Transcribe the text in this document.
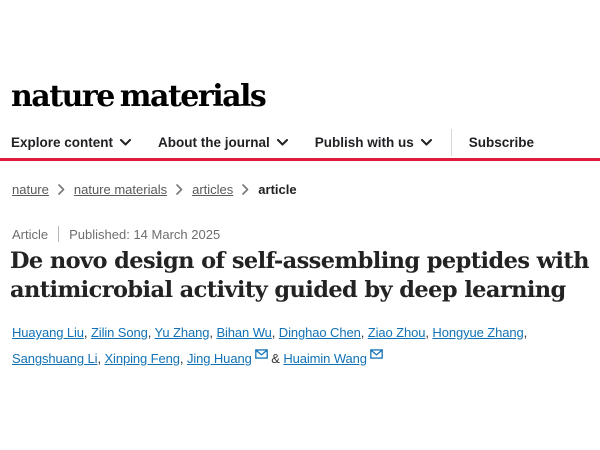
nature materials
Explore content	About the journal	Publish with us	Subscribe
nature nature materials articles article
Article Published: 14 March 2025
De novo design of self-assembling peptides with antimicrobial activity guided by deep learning
Huayang Liu, Zilin Song, Yu Zhang, Bihan Wu, Dinghao Chen, Ziao Zhou, Hongyue Zhang, Sangshuang Li, Xinping Feng, Jing Huang & Huaimin Wang
